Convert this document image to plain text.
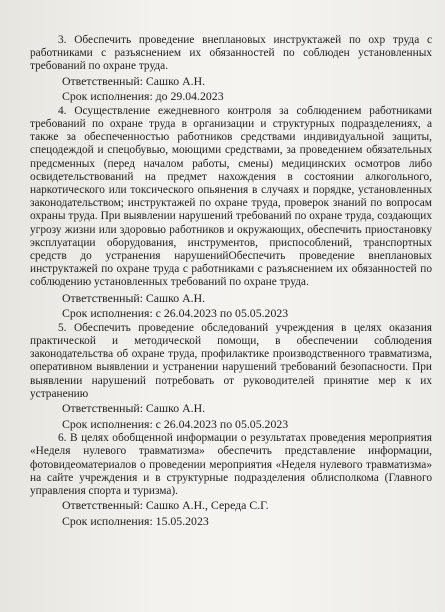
3. Обеспечить проведение внеплановых инструктажей по охр труда с работниками с разъяснением их обязанностей по соблюден установленных требований по охране труда.

Ответственный: Сашко А.Н.

Срок исполнения: до 29.04.2023

4. Осуществление ежедневного контроля за соблюдением работниками требований по охране труда в организации и структурных подразделениях, а также за обеспеченностью работников средствами индивидуальной защиты, спецодеждой и спецобувью, моющими средствами, за проведением обязательных предсменных (перед началом работы, смены) медицинских осмотров либо освидетельствований на предмет нахождения в состоянии алкогольного, наркотического или токсического опьянения в случаях и порядке, установленных законодательством; инструктажей по охране труда, проверок знаний по вопросам охраны труда. При выявлении нарушений требований по охране труда, создающих угрозу жизни или здоровью работников и окружающих, обеспечить приостановку эксплуатации оборудования, инструментов, приспособлений, транспортных средств до устранения нарушенийОбеспечить проведение внеплановых инструктажей по охране труда с работниками с разъяснением их обязанностей по соблюдению установленных требований по охране труда.

Ответственный: Сашко А.Н.

Срок исполнения: с 26.04.2023 по 05.05.2023

5. Обеспечить проведение обследований учреждения в целях оказания практической и методической помощи, в обеспечении соблюдения законодательства об охране труда, профилактике производственного травматизма, оперативном выявлении и устранении нарушений требований безопасности. При выявлении нарушений потребовать от руководителей принятие мер к их устранению

Ответственный: Сашко А.Н.

Срок исполнения: с 26.04.2023 по 05.05.2023

6. В целях обобщенной информации о результатах проведения мероприятия «Неделя нулевого травматизма» обеспечить представление информации, фотовидеоматериалов о проведении мероприятия «Неделя нулевого травматизма» на сайте учреждения и в структурные подразделения облисполкома (Главного управления спорта и туризма).

Ответственный: Сашко А.Н., Середа С.Г.

Срок исполнения: 15.05.2023
